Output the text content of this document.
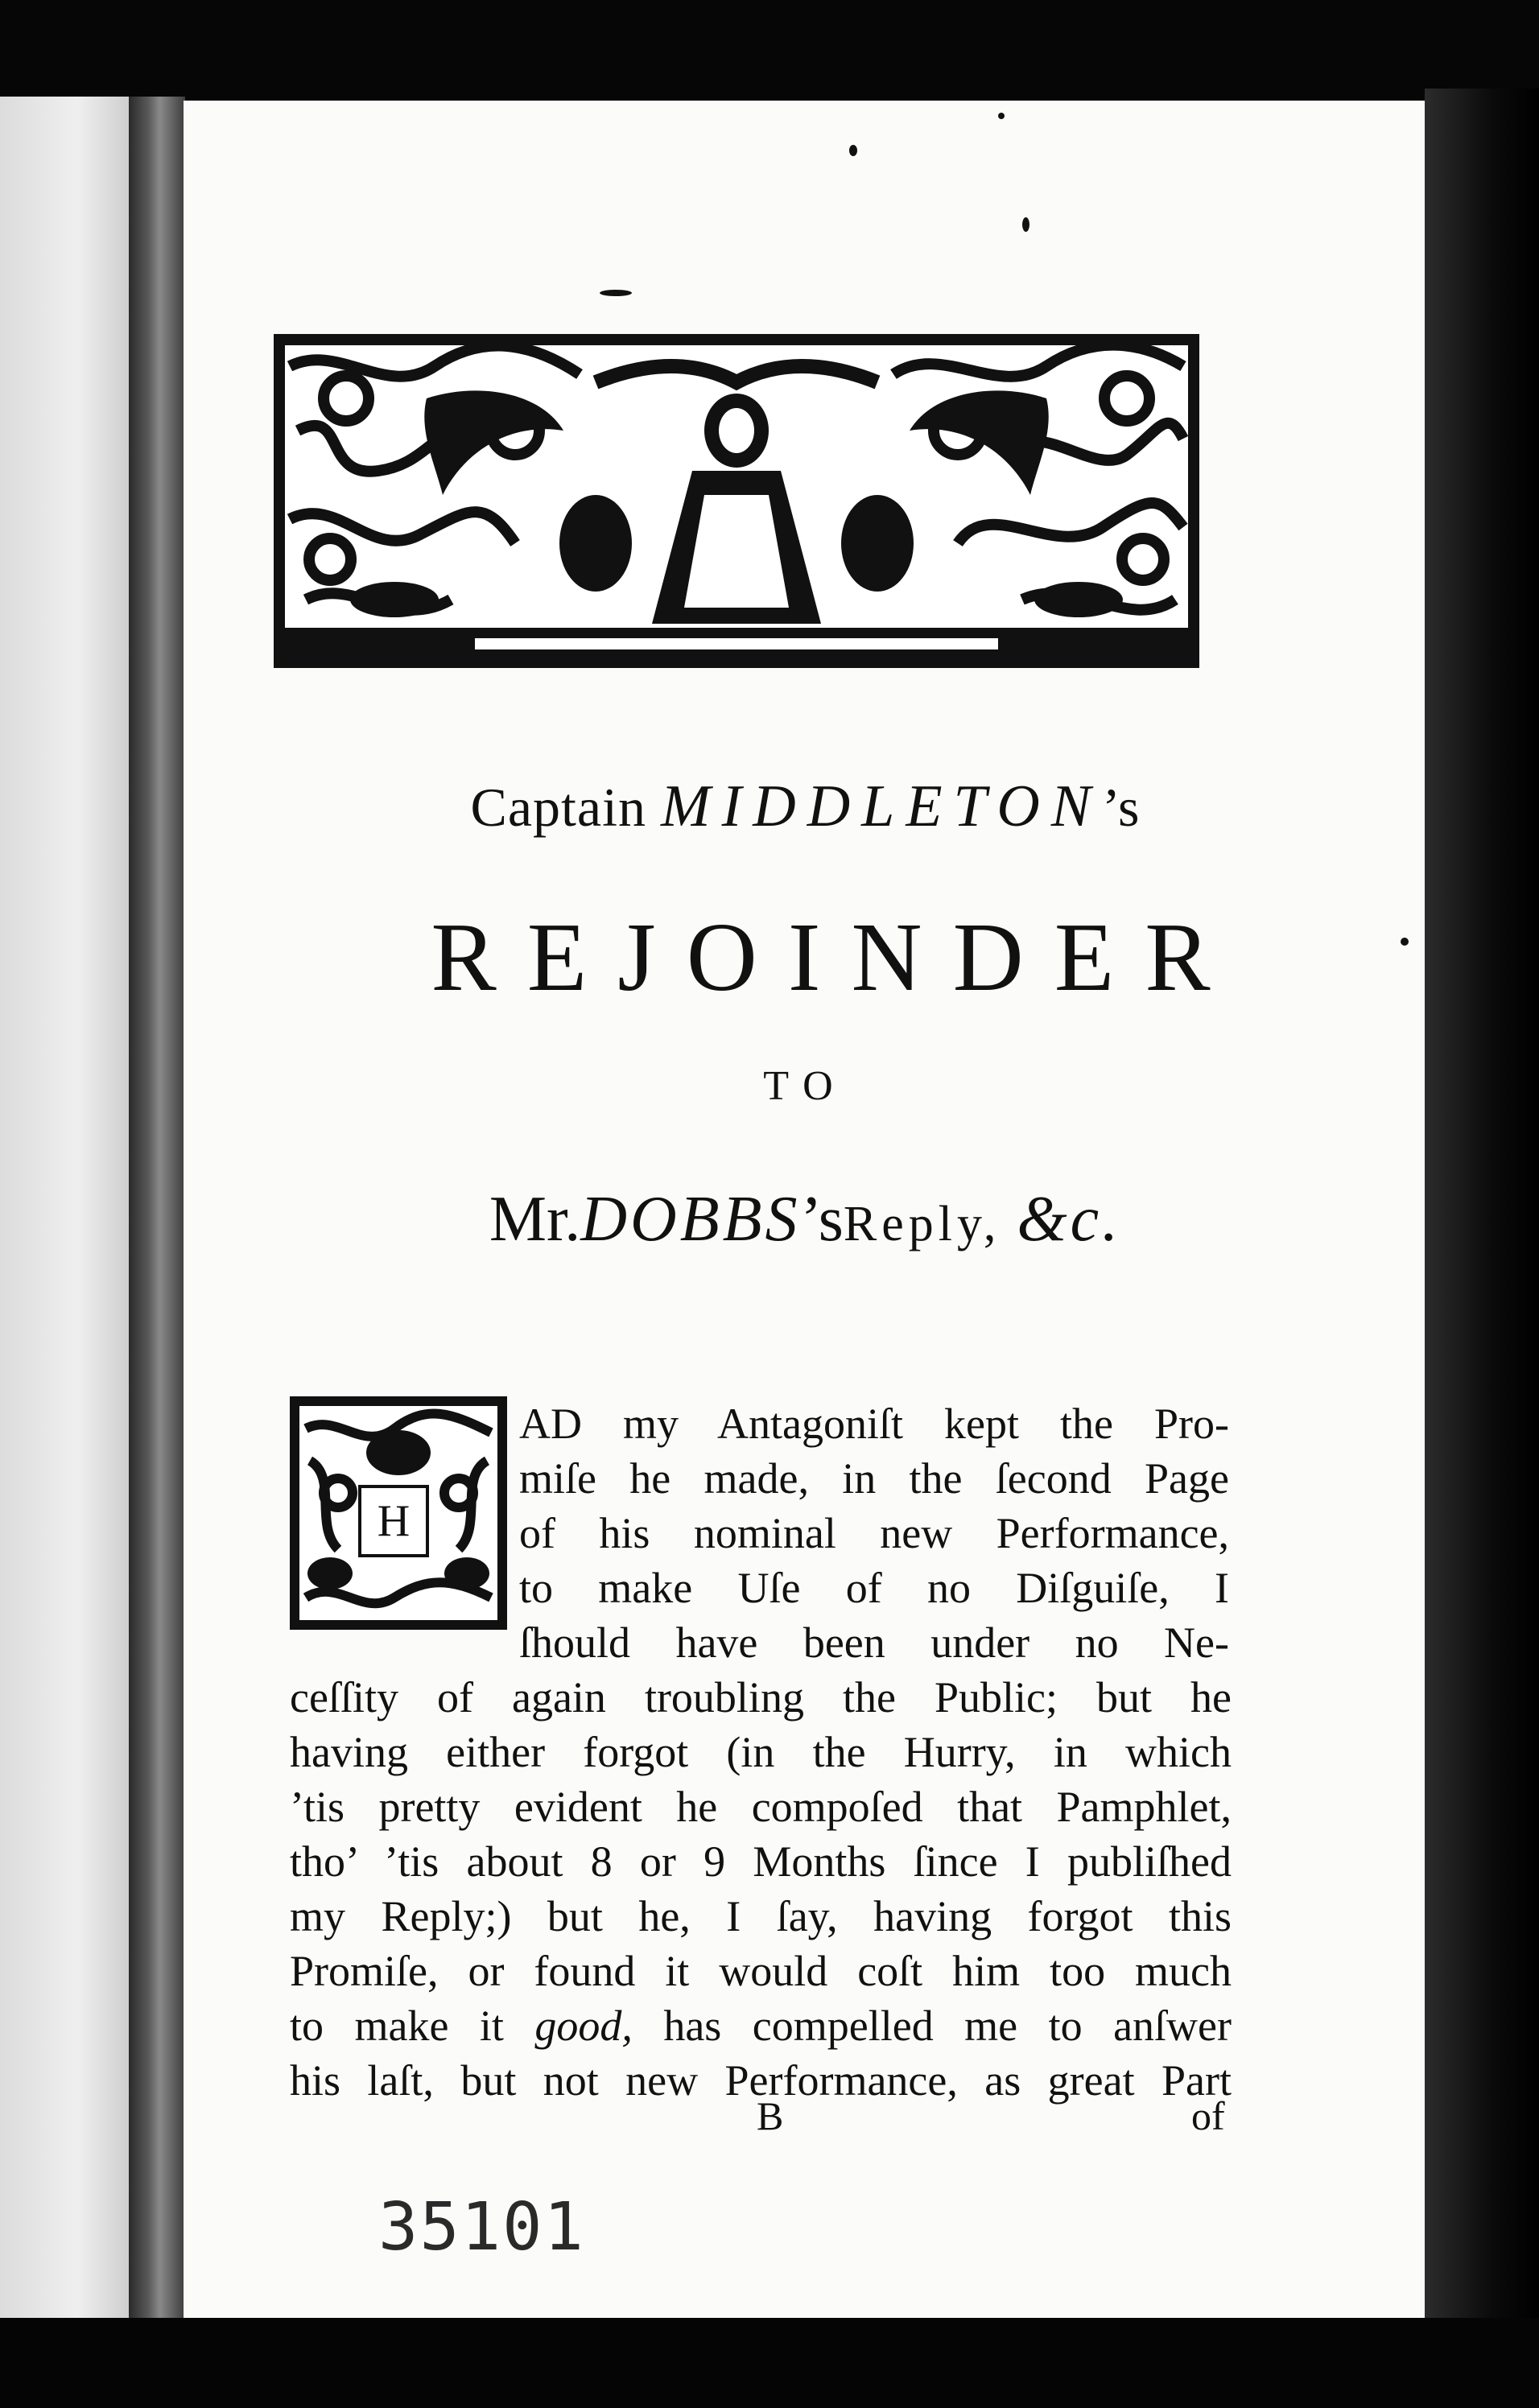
Captain MIDDLETON’s
REJOINDER
TO
Mr.DOBBS’sReply, &c.
H
AD my Antagoniſt kept the Pro-
miſe he made, in the ſecond Page
of his nominal new Performance,
to make Uſe of no Diſguiſe, I
ſhould have been under no Ne-
ceſſity of again troubling the Public; but he
having either forgot (in the Hurry, in which
’tis pretty evident he compoſed that Pamphlet,
tho’ ’tis about 8 or 9 Months ſince I publiſhed
my Reply;) but he, I ſay, having forgot this
Promiſe, or found it would coſt him too much
to make it good, has compelled me to anſwer
his laſt, but not new Performance, as great Part
B	of
35101
